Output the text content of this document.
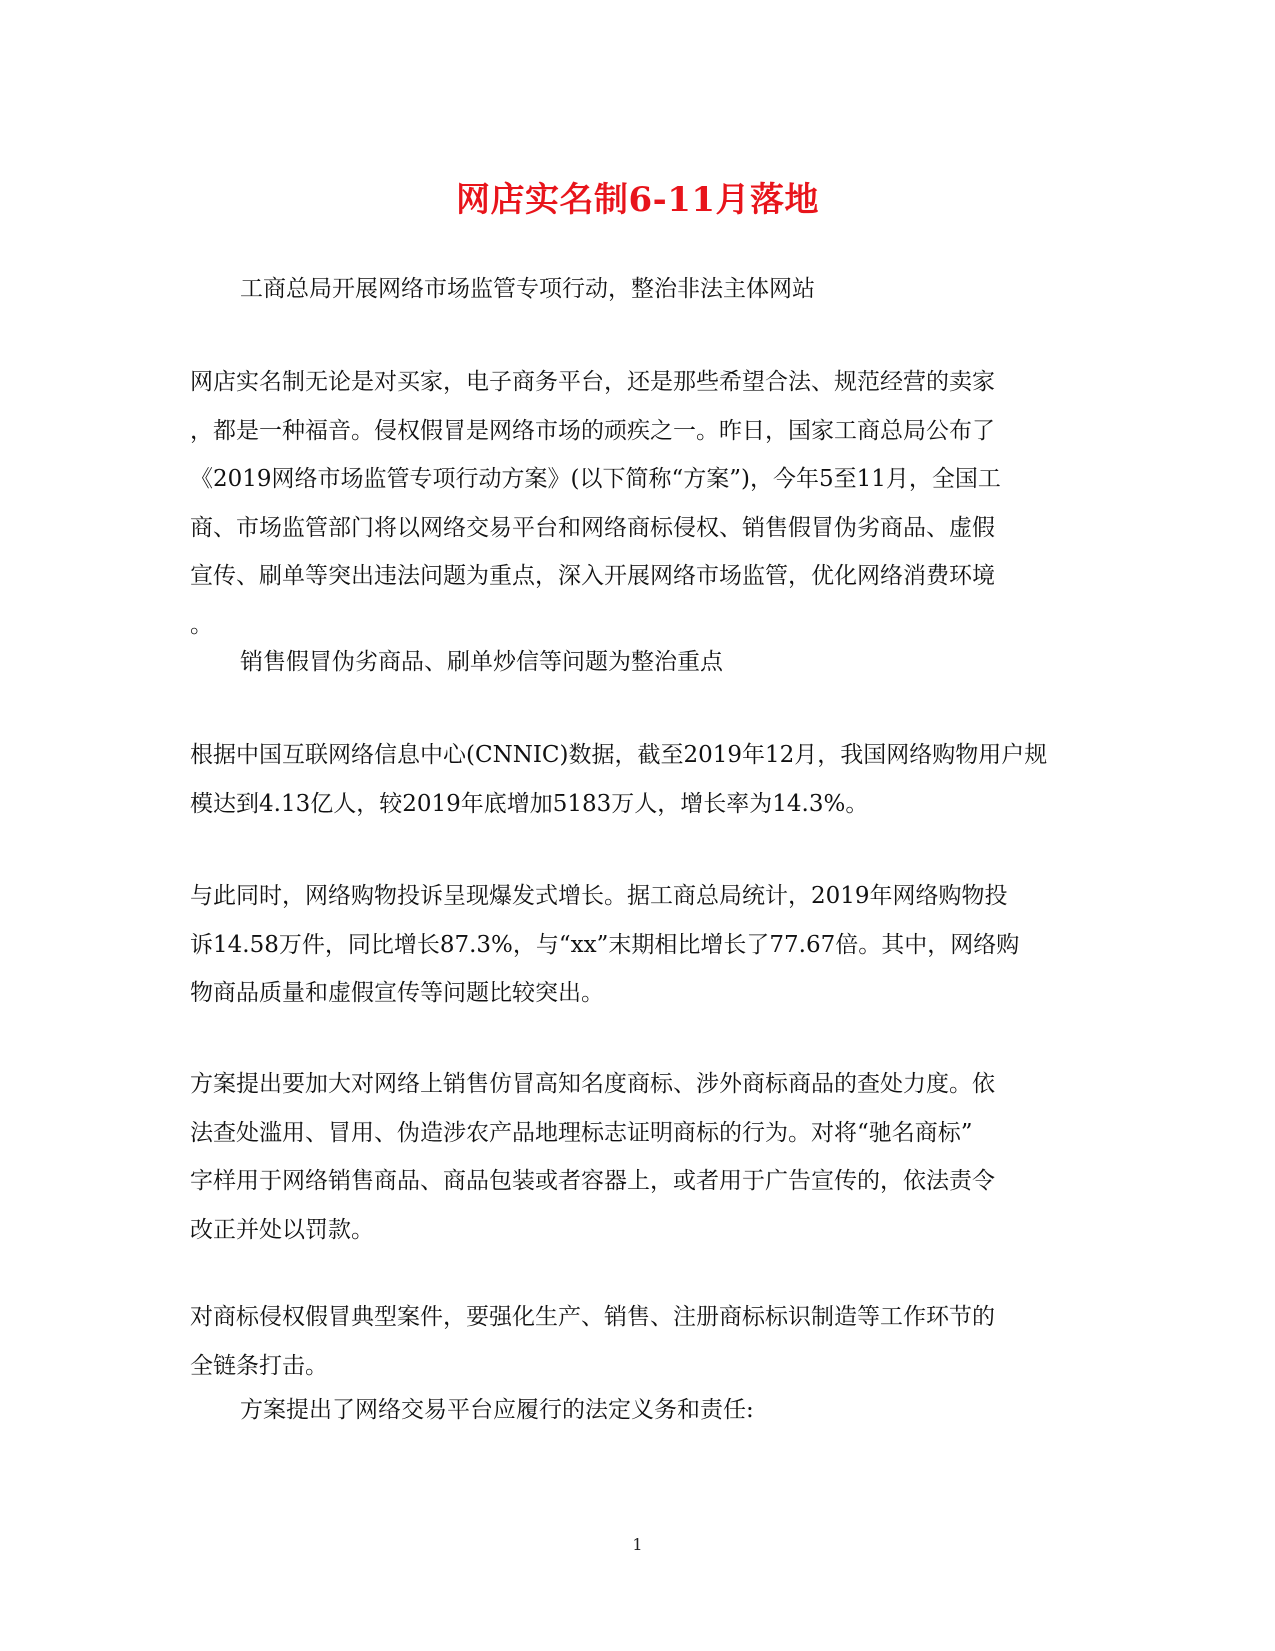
网店实名制6-11月落地
工商总局开展网络市场监管专项行动，整治非法主体网站
网店实名制无论是对买家，电子商务平台，还是那些希望合法、规范经营的卖家
，都是一种福音。侵权假冒是网络市场的顽疾之一。昨日，国家工商总局公布了
《2019网络市场监管专项行动方案》(以下简称“方案”)，今年5至11月，全国工
商、市场监管部门将以网络交易平台和网络商标侵权、销售假冒伪劣商品、虚假
宣传、刷单等突出违法问题为重点，深入开展网络市场监管，优化网络消费环境
。
销售假冒伪劣商品、刷单炒信等问题为整治重点
根据中国互联网络信息中心(CNNIC)数据，截至2019年12月，我国网络购物用户规
模达到4.13亿人，较2019年底增加5183万人，增长率为14.3%。
与此同时，网络购物投诉呈现爆发式增长。据工商总局统计，2019年网络购物投
诉14.58万件，同比增长87.3%，与“xx”末期相比增长了77.67倍。其中，网络购
物商品质量和虚假宣传等问题比较突出。
方案提出要加大对网络上销售仿冒高知名度商标、涉外商标商品的查处力度。依
法查处滥用、冒用、伪造涉农产品地理标志证明商标的行为。对将“驰名商标”
字样用于网络销售商品、商品包装或者容器上，或者用于广告宣传的，依法责令
改正并处以罚款。
对商标侵权假冒典型案件，要强化生产、销售、注册商标标识制造等工作环节的
全链条打击。
方案提出了网络交易平台应履行的法定义务和责任:
1
